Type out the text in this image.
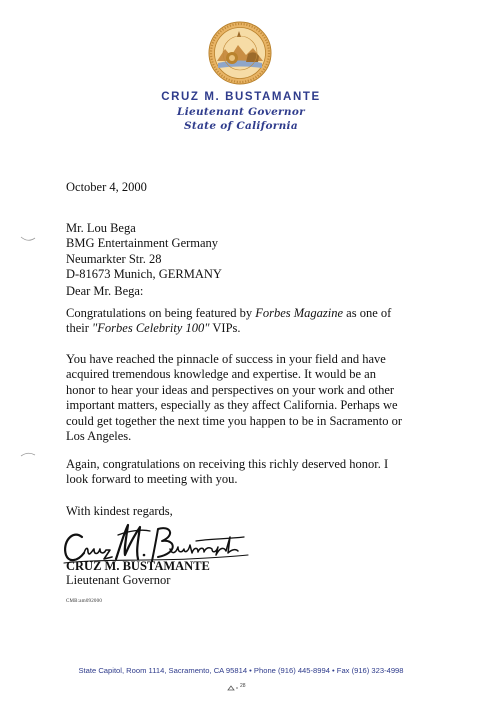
CRUZ M. BUSTAMANTE
Lieutenant Governor
State of California
October 4, 2000
Mr. Lou Bega
BMG Entertainment Germany
Neumarkter Str. 28
D-81673 Munich, GERMANY
Dear Mr. Bega:
Congratulations on being featured by Forbes Magazine as one of
their "Forbes Celebrity 100" VIPs.
You have reached the pinnacle of success in your field and have
acquired tremendous knowledge and expertise. It would be an
honor to hear your ideas and perspectives on your work and other
important matters, especially as they affect California. Perhaps we
could get together the next time you happen to be in Sacramento or
Los Angeles.
Again, congratulations on receiving this richly deserved honor. I
look forward to meeting with you.
With kindest regards,
CRUZ M. BUSTAMANTE
Lieutenant Governor
CMB:am092000
State Capitol, Room 1114, Sacramento, CA 95814 • Phone (916) 445-8994 • Fax (916) 323-4998
28
